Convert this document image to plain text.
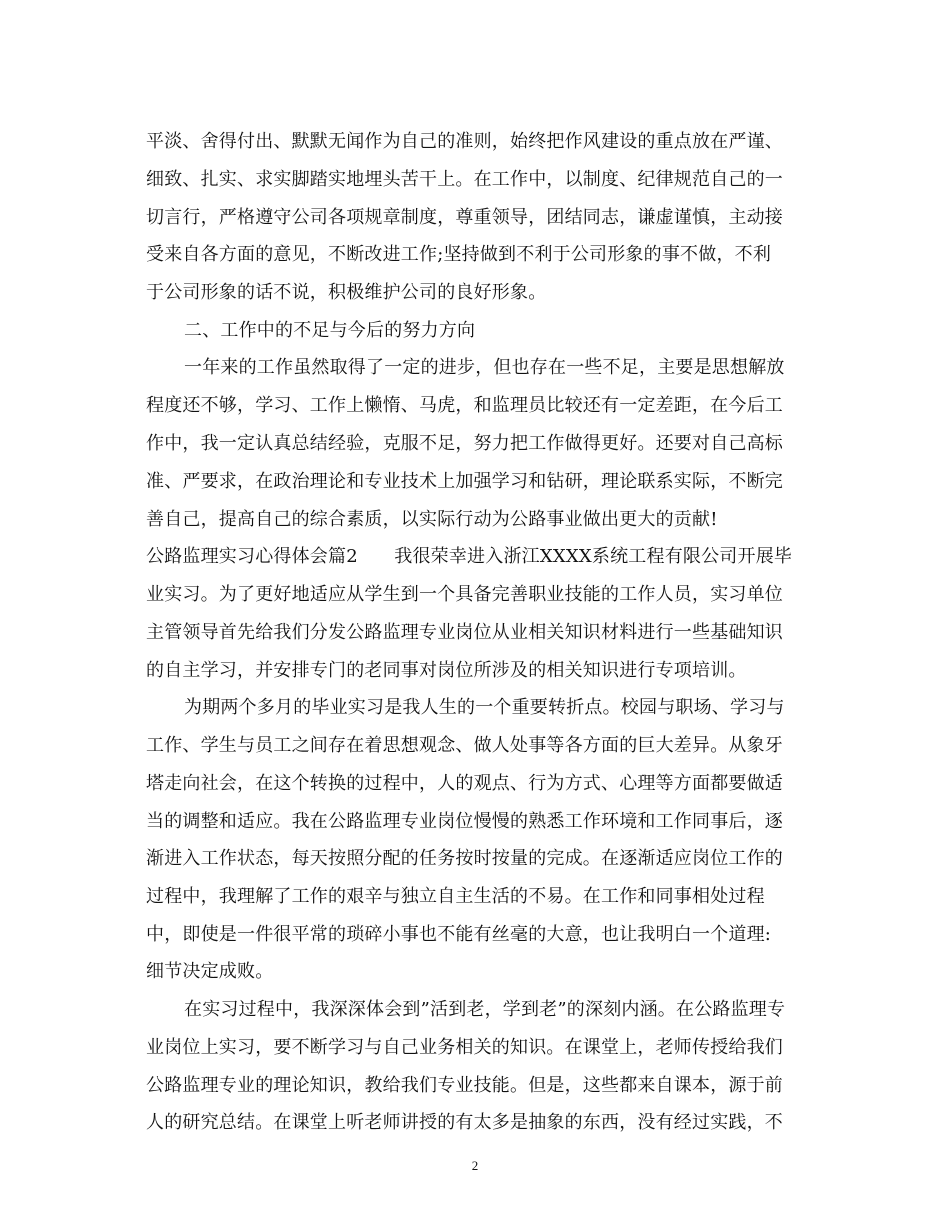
平淡、舍得付出、默默无闻作为自己的准则，始终把作风建设的重点放在严谨、
细致、扎实、求实脚踏实地埋头苦干上。在工作中，以制度、纪律规范自己的一
切言行，严格遵守公司各项规章制度，尊重领导，团结同志，谦虚谨慎，主动接
受来自各方面的意见，不断改进工作;坚持做到不利于公司形象的事不做，不利
于公司形象的话不说，积极维护公司的良好形象。
二、工作中的不足与今后的努力方向
一年来的工作虽然取得了一定的进步，但也存在一些不足，主要是思想解放
程度还不够，学习、工作上懒惰、马虎，和监理员比较还有一定差距，在今后工
作中，我一定认真总结经验，克服不足，努力把工作做得更好。还要对自己高标
准、严要求，在政治理论和专业技术上加强学习和钻研，理论联系实际，不断完
善自己，提高自己的综合素质，以实际行动为公路事业做出更大的贡献!
公路监理实习心得体会篇2　　我很荣幸进入浙江XXXX系统工程有限公司开展毕
业实习。为了更好地适应从学生到一个具备完善职业技能的工作人员，实习单位
主管领导首先给我们分发公路监理专业岗位从业相关知识材料进行一些基础知识
的自主学习，并安排专门的老同事对岗位所涉及的相关知识进行专项培训。
为期两个多月的毕业实习是我人生的一个重要转折点。校园与职场、学习与
工作、学生与员工之间存在着思想观念、做人处事等各方面的巨大差异。从象牙
塔走向社会，在这个转换的过程中，人的观点、行为方式、心理等方面都要做适
当的调整和适应。我在公路监理专业岗位慢慢的熟悉工作环境和工作同事后，逐
渐进入工作状态，每天按照分配的任务按时按量的完成。在逐渐适应岗位工作的
过程中，我理解了工作的艰辛与独立自主生活的不易。在工作和同事相处过程
中，即使是一件很平常的琐碎小事也不能有丝毫的大意，也让我明白一个道理:
细节决定成败。
在实习过程中，我深深体会到”活到老，学到老”的深刻内涵。在公路监理专
业岗位上实习，要不断学习与自己业务相关的知识。在课堂上，老师传授给我们
公路监理专业的理论知识，教给我们专业技能。但是，这些都来自课本，源于前
人的研究总结。在课堂上听老师讲授的有太多是抽象的东西，没有经过实践，不
2
